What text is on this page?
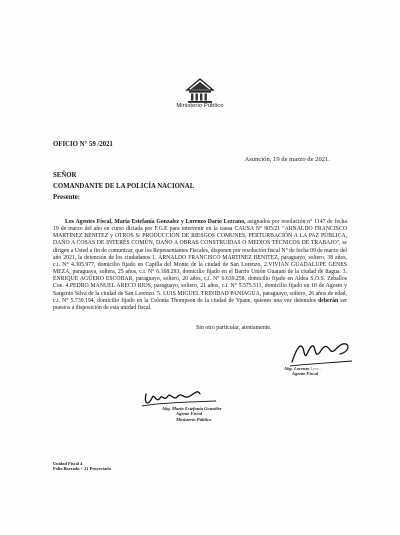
Ministerio Público
OFICIO N° 59 /2021
Asunción, 19 de marzo de 2021.
SEÑOR
COMANDANTE DE LA POLICÍA NACIONAL
Presente:
Los Agentes Fiscal, María Estefanía Gonzalez y Lorenzo Darío Lezcano, asignados por resolución n° 1147 de fecha 19 de marzo del año en curso dictada por F.G.E para intervenir en la causa CAUSA N° 905/21 "ARNALDO FRANCISCO MARTINEZ BENITEZ y OTROS S/ PRODUCCIÓN DE RIESGOS COMUNES, PERTURBACIÓN A LA PAZ PÚBLICA, DAÑO A COSAS DE INTERÉS COMÚN, DAÑO A OBRAS CONSTRUIDAS O MEDIOS TÉCNICOS DE TRABAJO", se dirigen a Usted a fin de comunicar, que los Representantes Fiscales, disponen por resolución fiscal N° de fecha 09 de marzo del año 2021, la detención de los ciudadanos 1. ARNALDO FRANCISCO MARTINEZ BENITEZ, paraguayo, soltero, 38 años, c.i. N° 4.305.977, domicilio fijado en Capilla del Monte de la ciudad de San Lorenzo, 2.VIVIAN GUADALUPE GENES MEZA, paraguaya, soltera, 25 años, c.i. N° 6.168.293, domicilio fijado en el Barrio Unión Guaraní de la ciudad de Itagua. 3. ENRIQUE AGÜERO ESCOBAR, paraguayo, soltero, 20 años, c.i. N° 6.639.258, domicilio fijado en Aldea S.O.S. Zeballos Cue. 4.PEDRO MANUEL ARECO RIOS, paraguayo, soltero, 21 años, c.i. N° 5.575.511, domicilio fijado en 10 de Agosto y Sargento Silva de la ciudad de San Lorenzo. 5. LUIS MIGUEL TRINIDAD PANIAGUA, paraguayo, soltero, 26 años de edad, c.i. N° 5.739.194, domicilio fijado en la Colonia Thompson de la ciudad de Ypane, quienes una vez detenidos deberán ser puestos a disposición de esta unidad fiscal.
Sin otro particular, atentamente.
Abg. Lorenzo Lezc...
Agente Fiscal
Abg. María Estefanía González
Agente Fiscal
Ministerio Público
Unidad Fiscal 4
Folio Borrado + 21 Proyectada
